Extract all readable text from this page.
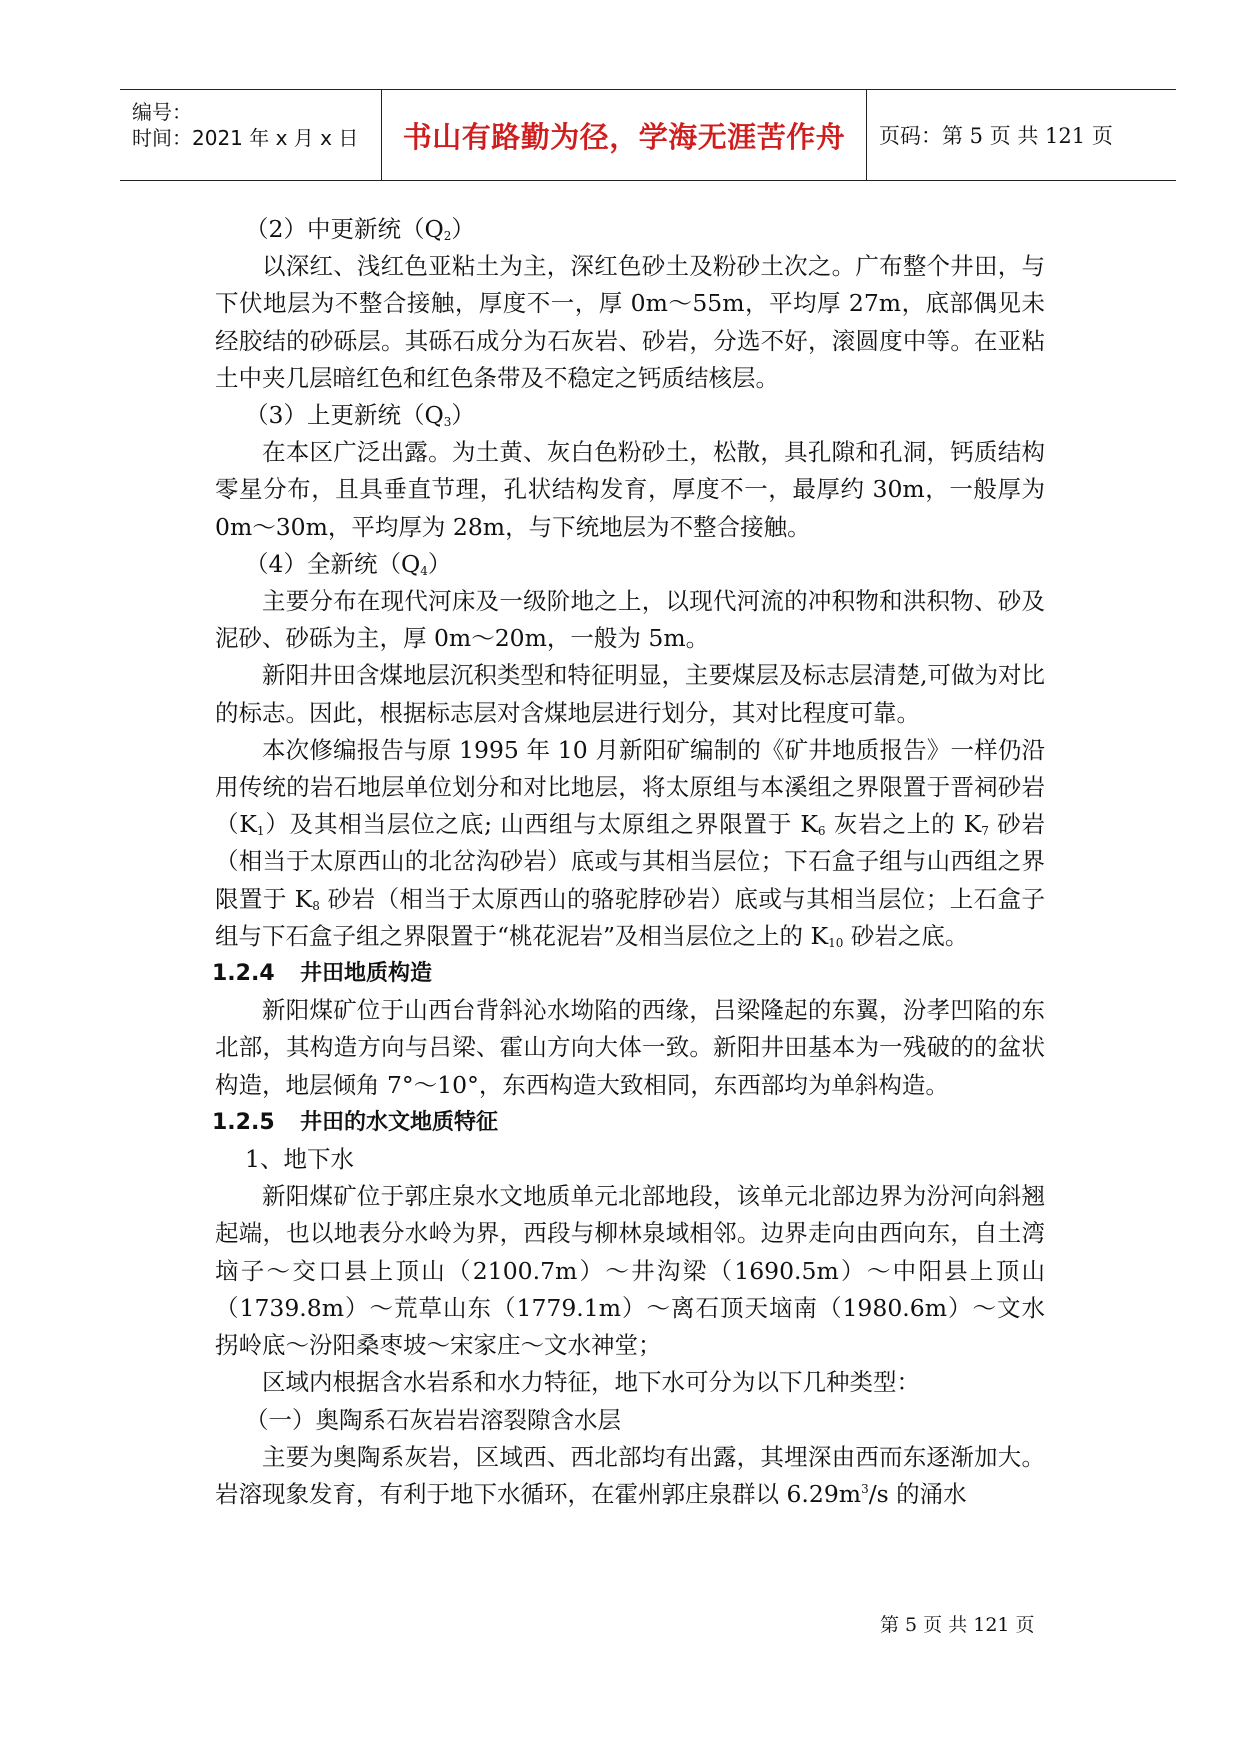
编号：
时间：2021 年 x 月 x 日	书山有路勤为径，学海无涯苦作舟	页码：第 5 页 共 121 页

（2）中更新统$(Q_2)$

以深红、浅红色亚粘土为主，深红色砂土及粉砂土次之。广布整个井田，与下伏地层为不整合接触，厚度不一，厚 0m～55m，平均厚 27m，底部偶见未经胶结的砂砾层。其砾石成分为石灰岩、砂岩，分选不好，滚圆度中等。在亚粘土中夹几层暗红色和红色条带及不稳定之钙质结核层。

（3）上更新统$(Q_3)$

在本区广泛出露。为土黄、灰白色粉砂土，松散，具孔隙和孔洞，钙质结构零星分布，且具垂直节理，孔状结构发育，厚度不一，最厚约 30m，一般厚为 0m～30m，平均厚为 28m，与下统地层为不整合接触。

（4）全新统$(Q_4)$

主要分布在现代河床及一级阶地之上，以现代河流的冲积物和洪积物、砂及泥砂、砂砾为主，厚 0m～20m，一般为 5m。

新阳井田含煤地层沉积类型和特征明显，主要煤层及标志层清楚,可做为对比的标志。因此，根据标志层对含煤地层进行划分，其对比程度可靠。

本次修编报告与原 1995 年 10 月新阳矿编制的《矿井地质报告》一样仍沿用传统的岩石地层单位划分和对比地层，将太原组与本溪组之界限置于晋祠砂岩$(K_1)$及其相当层位之底; 山西组与太原组之界限置于 $K_6$ 灰岩之上的 $K_7$ 砂岩（相当于太原西山的北岔沟砂岩）底或与其相当层位；下石盒子组与山西组之界限置于 $K_8$ 砂岩（相当于太原西山的骆驼脖砂岩）底或与其相当层位；上石盒子组与下石盒子组之界限置于“桃花泥岩”及相当层位之上的 $K_{10}$ 砂岩之底。

1.2.4 井田地质构造

新阳煤矿位于山西台背斜沁水坳陷的西缘，吕梁隆起的东翼，汾孝凹陷的东北部，其构造方向与吕梁、霍山方向大体一致。新阳井田基本为一残破的的盆状构造，地层倾角 7°～10°，东西构造大致相同，东西部均为单斜构造。

1.2.5 井田的水文地质特征

1、地下水

新阳煤矿位于郭庄泉水文地质单元北部地段，该单元北部边界为汾河向斜翘起端，也以地表分水岭为界，西段与柳林泉域相邻。边界走向由西向东，自土湾垴子～交口县上顶山（2100.7m）～井沟梁（1690.5m）～中阳县上顶山（1739.8m）～荒草山东（1779.1m）～离石顶天垴南（1980.6m）～文水拐岭底～汾阳桑枣坡～宋家庄～文水神堂；

区域内根据含水岩系和水力特征，地下水可分为以下几种类型：

（一）奥陶系石灰岩岩溶裂隙含水层

主要为奥陶系灰岩，区域西、西北部均有出露，其埋深由西而东逐渐加大。岩溶现象发育，有利于地下水循环，在霍州郭庄泉群以 $6.29m^3/s$ 的涌水

第 5 页 共 121 页
